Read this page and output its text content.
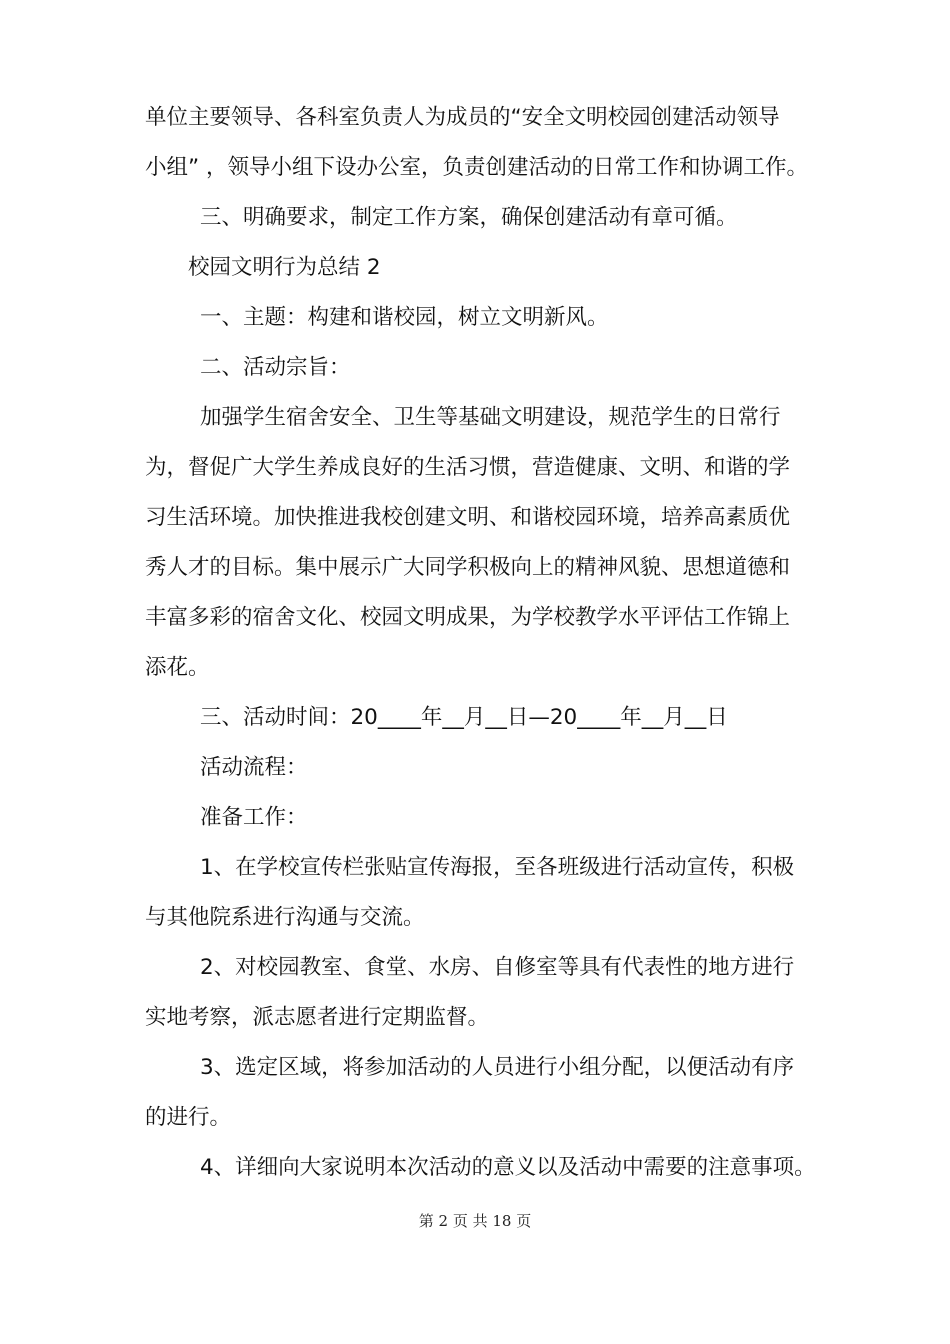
单位主要领导、各科室负责人为成员的“安全文明校园创建活动领导
小组” ，领导小组下设办公室，负责创建活动的日常工作和协调工作。
三、明确要求，制定工作方案，确保创建活动有章可循。
校园文明行为总结 2
一、主题：构建和谐校园，树立文明新风。
二、活动宗旨：
加强学生宿舍安全、卫生等基础文明建设，规范学生的日常行
为，督促广大学生养成良好的生活习惯，营造健康、文明、和谐的学
习生活环境。加快推进我校创建文明、和谐校园环境，培养高素质优
秀人才的目标。集中展示广大同学积极向上的精神风貌、思想道德和
丰富多彩的宿舍文化、校园文明成果，为学校教学水平评估工作锦上
添花。
三、活动时间：20____年__月__日—20____年__月__日
活动流程：
准备工作：
1、在学校宣传栏张贴宣传海报，至各班级进行活动宣传，积极
与其他院系进行沟通与交流。
2、对校园教室、食堂、水房、自修室等具有代表性的地方进行
实地考察，派志愿者进行定期监督。
3、选定区域，将参加活动的人员进行小组分配，以便活动有序
的进行。
4、详细向大家说明本次活动的意义以及活动中需要的注意事项。
第 2 页 共 18 页
